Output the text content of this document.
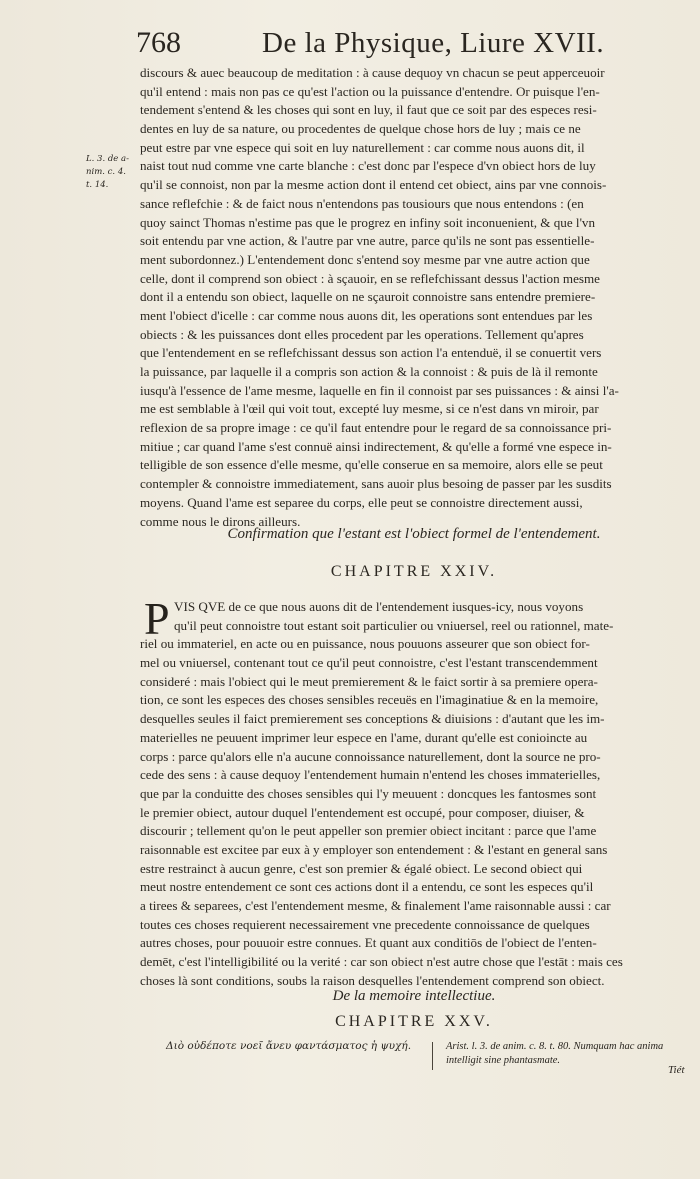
768	De la Physique, Liure XVII.
L. 3. de a-
nim. c. 4.
t. 14.
discours & auec beaucoup de meditation : à cause dequoy vn chacun se peut apperceuoir
qu'il entend : mais non pas ce qu'est l'action ou la puissance d'entendre. Or puisque l'en-
tendement s'entend & les choses qui sont en luy, il faut que ce soit par des especes resi-
dentes en luy de sa nature, ou procedentes de quelque chose hors de luy ; mais ce ne
peut estre par vne espece qui soit en luy naturellement : car comme nous auons dit, il
naist tout nud comme vne carte blanche : c'est donc par l'espece d'vn obiect hors de luy
qu'il se connoist, non par la mesme action dont il entend cet obiect, ains par vne connois-
sance reflefchie : & de faict nous n'entendons pas tousiours que nous entendons : (en
quoy sainct Thomas n'estime pas que le progrez en infiny soit inconuenient, & que l'vn
soit entendu par vne action, & l'autre par vne autre, parce qu'ils ne sont pas essentielle-
ment subordonnez.) L'entendement donc s'entend soy mesme par vne autre action que
celle, dont il comprend son obiect : à sçauoir, en se reflefchissant dessus l'action mesme
dont il a entendu son obiect, laquelle on ne sçauroit connoistre sans entendre premiere-
ment l'obiect d'icelle : car comme nous auons dit, les operations sont entendues par les
obiects : & les puissances dont elles procedent par les operations. Tellement qu'apres
que l'entendement en se reflefchissant dessus son action l'a entenduë, il se conuertit vers
la puissance, par laquelle il a compris son action & la connoist : & puis de là il remonte
iusqu'à l'essence de l'ame mesme, laquelle en fin il connoist par ses puissances : & ainsi l'a-
me est semblable à l'œil qui voit tout, excepté luy mesme, si ce n'est dans vn miroir, par
reflexion de sa propre image : ce qu'il faut entendre pour le regard de sa connoissance pri-
mitiue ; car quand l'ame s'est connuë ainsi indirectement, & qu'elle a formé vne espece in-
telligible de son essence d'elle mesme, qu'elle conserue en sa memoire, alors elle se peut
contempler & connoistre immediatement, sans auoir plus besoing de passer par les susdits
moyens. Quand l'ame est separee du corps, elle peut se connoistre directement aussi,
comme nous le dirons ailleurs.
Confirmation que l'estant est l'obiect formel de l'entendement.
CHAPITRE XXIV.
P VIS QVE de ce que nous auons dit de l'entendement iusques-icy, nous voyons
qu'il peut connoistre tout estant soit particulier ou vniuersel, reel ou rationnel, mate-
riel ou immateriel, en acte ou en puissance, nous pouuons asseurer que son obiect for-
mel ou vniuersel, contenant tout ce qu'il peut connoistre, c'est l'estant transcendemment
consideré : mais l'obiect qui le meut premierement & le faict sortir à sa premiere opera-
tion, ce sont les especes des choses sensibles receuës en l'imaginatiue & en la memoire,
desquelles seules il faict premierement ses conceptions & diuisions : d'autant que les im-
materielles ne peuuent imprimer leur espece en l'ame, durant qu'elle est conioincte au
corps : parce qu'alors elle n'a aucune connoissance naturellement, dont la source ne pro-
cede des sens : à cause dequoy l'entendement humain n'entend les choses immaterielles,
que par la conduitte des choses sensibles qui l'y meuuent : doncques les fantosmes sont
le premier obiect, autour duquel l'entendement est occupé, pour composer, diuiser, &
discourir ; tellement qu'on le peut appeller son premier obiect incitant : parce que l'ame
raisonnable est excitee par eux à y employer son entendement : & l'estant en general sans
estre restrainct à aucun genre, c'est son premier & égalé obiect. Le second obiect qui
meut nostre entendement ce sont ces actions dont il a entendu, ce sont les especes qu'il
a tirees & separees, c'est l'entendement mesme, & finalement l'ame raisonnable aussi : car
toutes ces choses requierent necessairement vne precedente connoissance de quelques
autres choses, pour pouuoir estre connues. Et quant aux conditiōs de l'obiect de l'enten-
demēt, c'est l'intelligibilité ou la verité : car son obiect n'est autre chose que l'estāt : mais ces
choses là sont conditions, soubs la raison desquelles l'entendement comprend son obiect.
De la memoire intellectiue.
CHAPITRE XXV.
Διὸ οὐδέποτε νοεῖ ἄνευ φαντάσματος ἡ ψυχή.	Arist. l. 3. de anim. c. 8. t. 80. Numquam hac anima
intelligit sine phantasmate.
Tiét
